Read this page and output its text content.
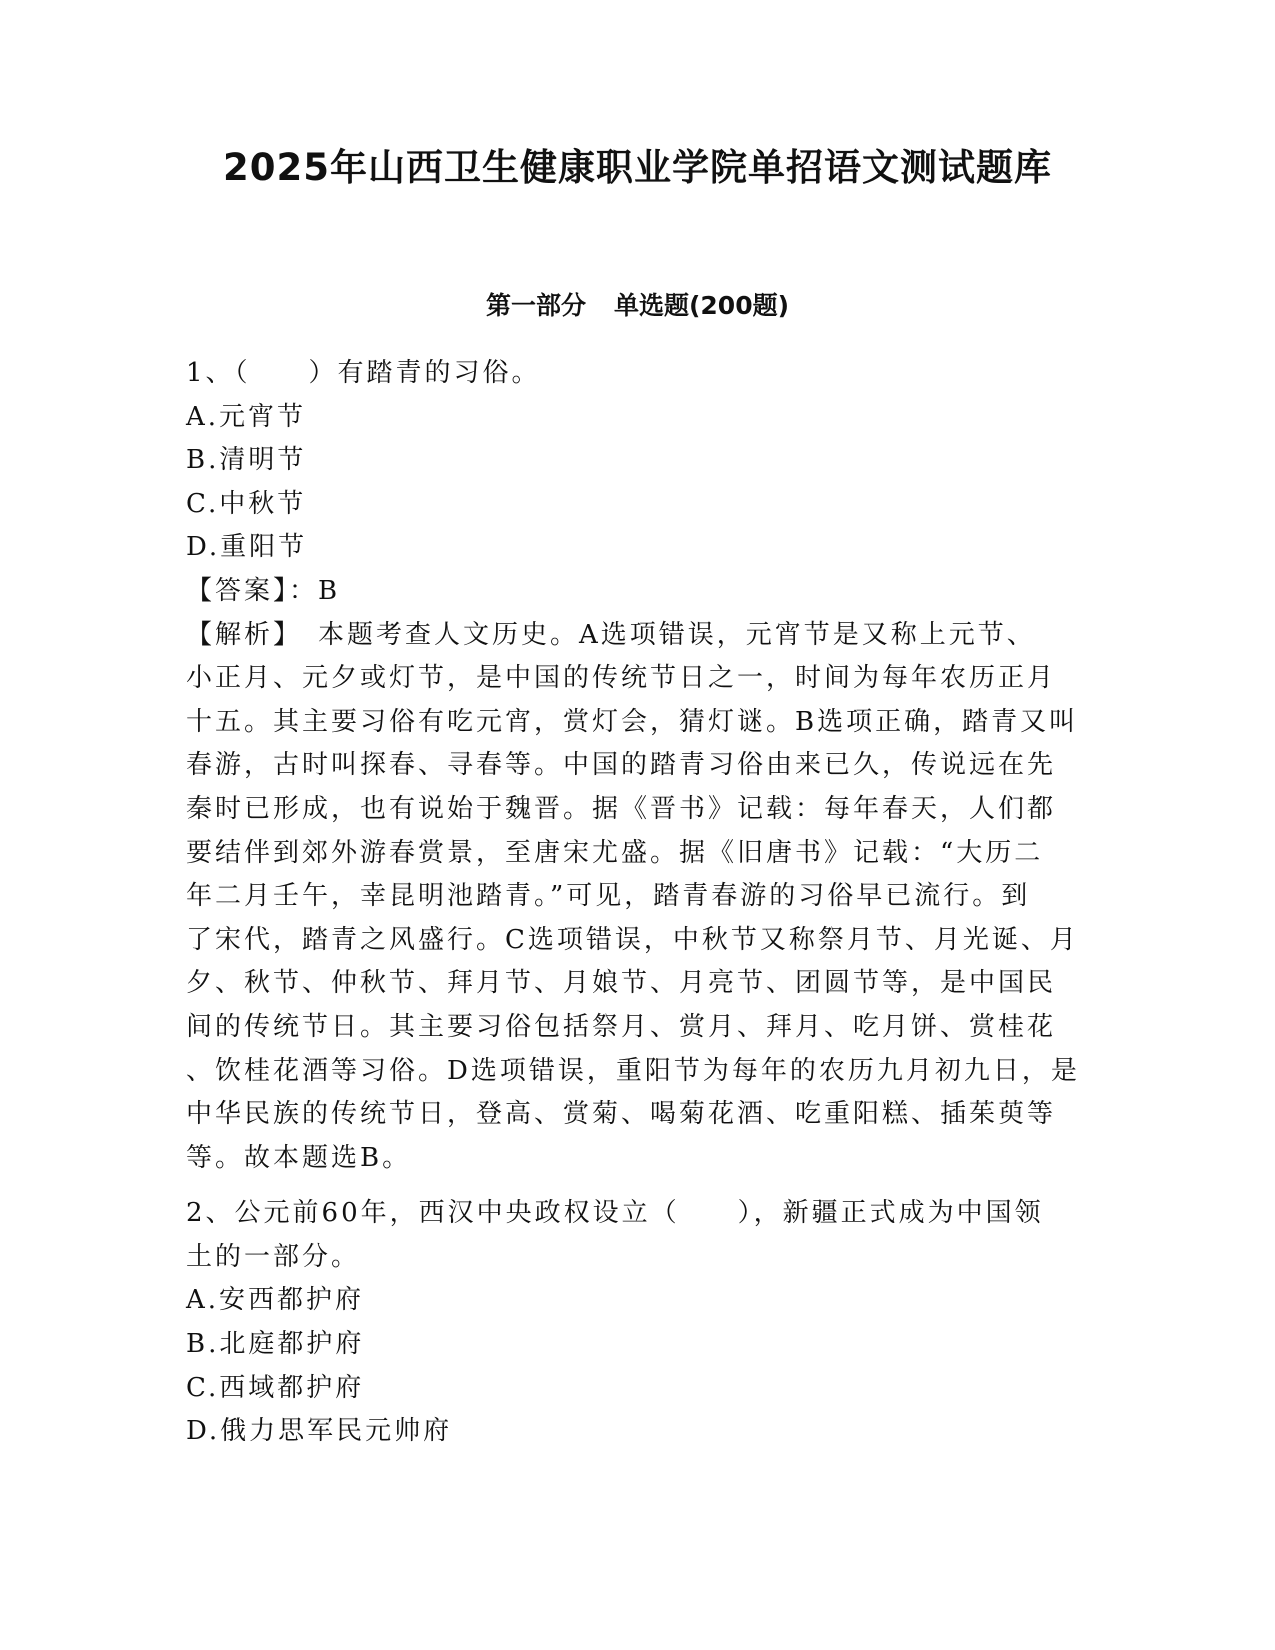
2025年山西卫生健康职业学院单招语文测试题库
第一部分 单选题(200题)
1、（　　）有踏青的习俗。
A.元宵节
B.清明节
C.中秋节
D.重阳节
【答案】：B
【解析】　本题考查人文历史。A选项错误，元宵节是又称上元节、
小正月、元夕或灯节，是中国的传统节日之一，时间为每年农历正月
十五。其主要习俗有吃元宵，赏灯会，猜灯谜。B选项正确，踏青又叫
春游，古时叫探春、寻春等。中国的踏青习俗由来已久，传说远在先
秦时已形成，也有说始于魏晋。据《晋书》记载：每年春天，人们都
要结伴到郊外游春赏景，至唐宋尤盛。据《旧唐书》记载：“大历二
年二月壬午，幸昆明池踏青。”可见，踏青春游的习俗早已流行。到
了宋代，踏青之风盛行。C选项错误，中秋节又称祭月节、月光诞、月
夕、秋节、仲秋节、拜月节、月娘节、月亮节、团圆节等，是中国民
间的传统节日。其主要习俗包括祭月、赏月、拜月、吃月饼、赏桂花
、饮桂花酒等习俗。D选项错误，重阳节为每年的农历九月初九日，是
中华民族的传统节日，登高、赏菊、喝菊花酒、吃重阳糕、插茱萸等
等。故本题选B。
2、公元前60年，西汉中央政权设立（　　），新疆正式成为中国领
土的一部分。
A.安西都护府
B.北庭都护府
C.西域都护府
D.俄力思军民元帅府
